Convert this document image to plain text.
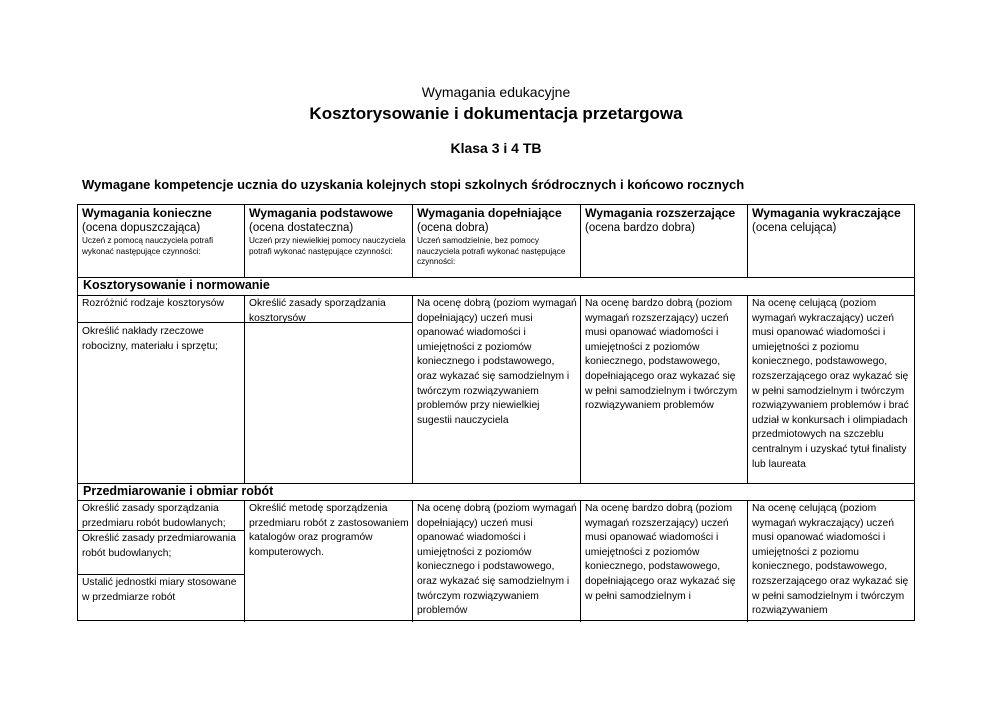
Wymagania edukacyjne
Kosztorysowanie i dokumentacja przetargowa
Klasa 3 i 4 TB
Wymagane kompetencje ucznia do uzyskania kolejnych stopi szkolnych śródrocznych i końcowo rocznych
Wymagania konieczne
(ocena dopuszczająca)
Uczeń z pomocą nauczyciela potrafi wykonać następujące czynności:
Wymagania podstawowe
(ocena dostateczna)
Uczeń przy niewielkiej pomocy nauczyciela potrafi wykonać następujące czynności:
Wymagania dopełniające
(ocena dobra)
Uczeń samodzielnie, bez pomocy nauczyciela potrafi wykonać następujące czynności:
Wymagania rozszerzające
(ocena bardzo dobra)
Wymagania wykraczające
(ocena celująca)
Kosztorysowanie i normowanie
Rozróżnić rodzaje kosztorysów
Określić nakłady rzeczowe robocizny, materiału i sprzętu;
Określić zasady sporządzania kosztorysów
Na ocenę dobrą (poziom wymagań dopełniający) uczeń musi opanować wiadomości i umiejętności z poziomów koniecznego i podstawowego, oraz wykazać się samodzielnym i twórczym rozwiązywaniem problemów przy niewielkiej sugestii nauczyciela
Na ocenę bardzo dobrą (poziom wymagań rozszerzający) uczeń musi opanować wiadomości i umiejętności z poziomów koniecznego, podstawowego, dopełniającego oraz wykazać się w pełni samodzielnym i twórczym rozwiązywaniem problemów
Na ocenę celującą (poziom wymagań wykraczający) uczeń musi opanować wiadomości i umiejętności z poziomu koniecznego, podstawowego, rozszerzającego oraz wykazać się w pełni samodzielnym i twórczym rozwiązywaniem problemów i brać udział w konkursach i olimpiadach przedmiotowych na szczeblu centralnym i uzyskać tytuł finalisty lub laureata
Przedmiarowanie i obmiar robót
Określić zasady sporządzania przedmiaru robót budowlanych;
Określić zasady przedmiarowania robót budowlanych;
Ustalić jednostki miary stosowane w przedmiarze robót
Określić metodę sporządzenia przedmiaru robót z zastosowaniem katalogów oraz programów komputerowych.
Na ocenę dobrą (poziom wymagań dopełniający) uczeń musi opanować wiadomości i umiejętności z poziomów koniecznego i podstawowego, oraz wykazać się samodzielnym i twórczym rozwiązywaniem problemów
Na ocenę bardzo dobrą (poziom wymagań rozszerzający) uczeń musi opanować wiadomości i umiejętności z poziomów koniecznego, podstawowego, dopełniającego oraz wykazać się w pełni samodzielnym i
Na ocenę celującą (poziom wymagań wykraczający) uczeń musi opanować wiadomości i umiejętności z poziomu koniecznego, podstawowego, rozszerzającego oraz wykazać się w pełni samodzielnym i twórczym rozwiązywaniem
